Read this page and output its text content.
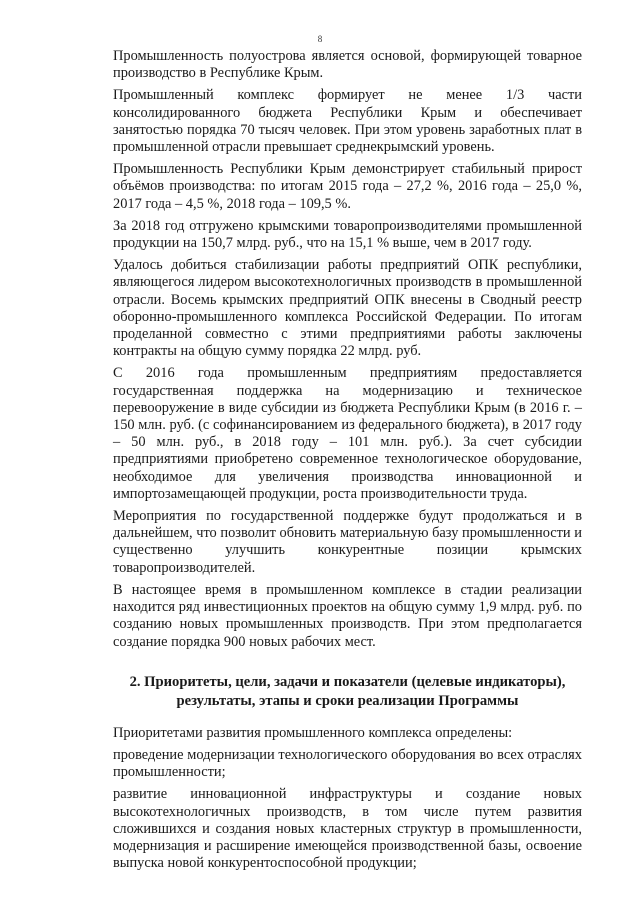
8

Промышленность полуострова является основой, формирующей товарное производство в Республике Крым.

Промышленный комплекс формирует не менее 1/3 части консолидированного бюджета Республики Крым и обеспечивает занятостью порядка 70 тысяч человек. При этом уровень заработных плат в промышленной отрасли превышает среднекрымский уровень.

Промышленность Республики Крым демонстрирует стабильный прирост объёмов производства: по итогам 2015 года – 27,2 %, 2016 года – 25,0 %, 2017 года – 4,5 %, 2018 года – 109,5 %.

За 2018 год отгружено крымскими товаропроизводителями промышленной продукции на 150,7 млрд. руб., что на 15,1 % выше, чем в 2017 году.

Удалось добиться стабилизации работы предприятий ОПК республики, являющегося лидером высокотехнологичных производств в промышленной отрасли. Восемь крымских предприятий ОПК внесены в Сводный реестр оборонно-промышленного комплекса Российской Федерации. По итогам проделанной совместно с этими предприятиями работы заключены контракты на общую сумму порядка 22 млрд. руб.

С 2016 года промышленным предприятиям предоставляется государственная поддержка на модернизацию и техническое перевооружение в виде субсидии из бюджета Республики Крым (в 2016 г. – 150 млн. руб. (с софинансированием из федерального бюджета), в 2017 году – 50 млн. руб., в 2018 году – 101 млн. руб.). За счет субсидии предприятиями приобретено современное технологическое оборудование, необходимое для увеличения производства инновационной и импортозамещающей продукции, роста производительности труда.

Мероприятия по государственной поддержке будут продолжаться и в дальнейшем, что позволит обновить материальную базу промышленности и существенно улучшить конкурентные позиции крымских товаропроизводителей.

В настоящее время в промышленном комплексе в стадии реализации находится ряд инвестиционных проектов на общую сумму 1,9 млрд. руб. по созданию новых промышленных производств. При этом предполагается создание порядка 900 новых рабочих мест.

2. Приоритеты, цели, задачи и показатели (целевые индикаторы),
результаты, этапы и сроки реализации Программы

Приоритетами развития промышленного комплекса определены:

проведение модернизации технологического оборудования во всех отраслях промышленности;

развитие инновационной инфраструктуры и создание новых высокотехнологичных производств, в том числе путем развития сложившихся и создания новых кластерных структур в промышленности, модернизация и расширение имеющейся производственной базы, освоение выпуска новой конкурентоспособной продукции;
